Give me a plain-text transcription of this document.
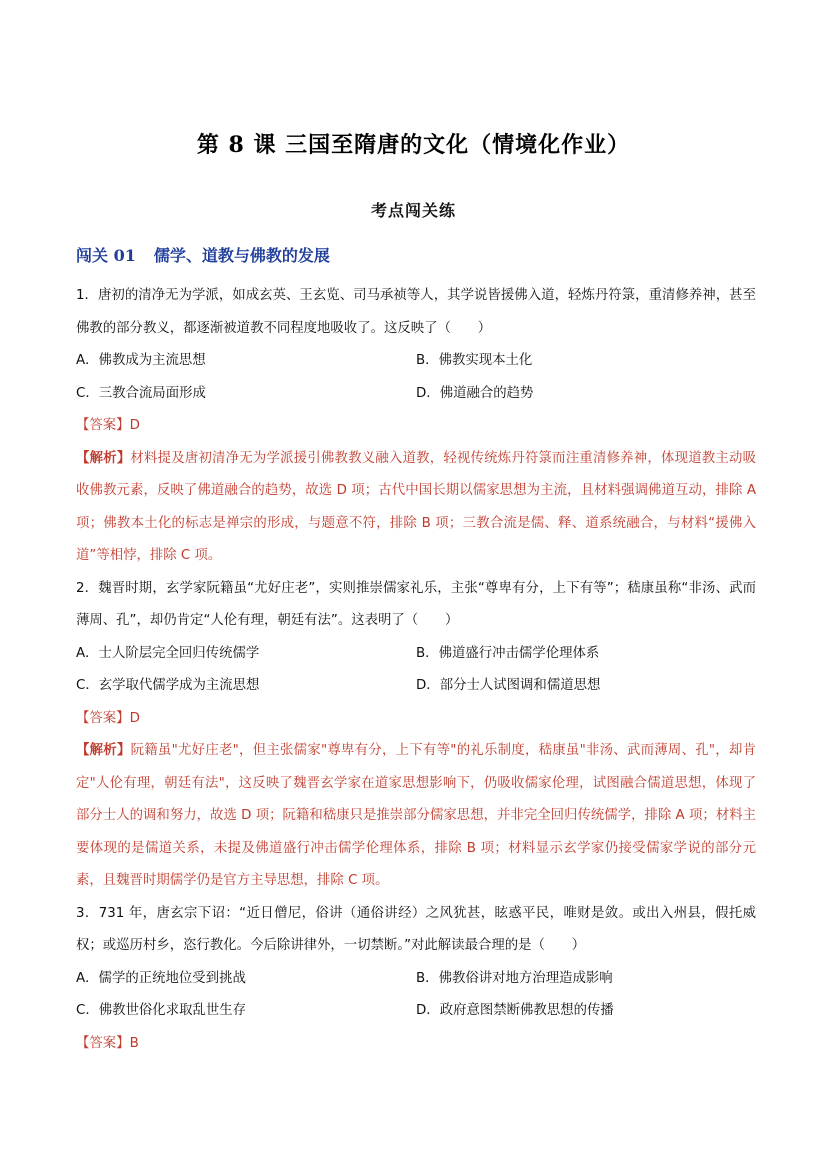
第 8 课 三国至隋唐的文化（情境化作业）
考点闯关练
闯关 01 儒学、道教与佛教的发展

1．唐初的清净无为学派，如成玄英、王玄览、司马承祯等人，其学说皆援佛入道，轻炼丹符箓，重清修养神，甚至佛教的部分教义，都逐渐被道教不同程度地吸收了。这反映了（　　）

A．佛教成为主流思想	B．佛教实现本土化
C．三教合流局面形成	D．佛道融合的趋势
【答案】D

【解析】材料提及唐初清净无为学派援引佛教教义融入道教，轻视传统炼丹符箓而注重清修养神，体现道教主动吸收佛教元素，反映了佛道融合的趋势，故选 D 项；古代中国长期以儒家思想为主流，且材料强调佛道互动，排除 A 项；佛教本土化的标志是禅宗的形成，与题意不符，排除 B 项；三教合流是儒、释、道系统融合，与材料“援佛入道”等相悖，排除 C 项。

2．魏晋时期，玄学家阮籍虽“尤好庄老”，实则推崇儒家礼乐，主张“尊卑有分，上下有等”；嵇康虽称“非汤、武而薄周、孔”，却仍肯定“人伦有理，朝廷有法”。这表明了（　　）

A．士人阶层完全回归传统儒学	B．佛道盛行冲击儒学伦理体系
C．玄学取代儒学成为主流思想	D．部分士人试图调和儒道思想
【答案】D

【解析】阮籍虽"尤好庄老"，但主张儒家"尊卑有分，上下有等"的礼乐制度，嵇康虽"非汤、武而薄周、孔"，却肯定"人伦有理，朝廷有法"，这反映了魏晋玄学家在道家思想影响下，仍吸收儒家伦理，试图融合儒道思想，体现了部分士人的调和努力，故选 D 项；阮籍和嵇康只是推崇部分儒家思想，并非完全回归传统儒学，排除 A 项；材料主要体现的是儒道关系，未提及佛道盛行冲击儒学伦理体系，排除 B 项；材料显示玄学家仍接受儒家学说的部分元素，且魏晋时期儒学仍是官方主导思想，排除 C 项。

3．731 年，唐玄宗下诏：“近日僧尼，俗讲（通俗讲经）之风犹甚，眩惑平民，唯财是敛。或出入州县，假托威权；或巡历村乡，恣行教化。今后除讲律外，一切禁断。”对此解读最合理的是（　　）

A．儒学的正统地位受到挑战	B．佛教俗讲对地方治理造成影响
C．佛教世俗化求取乱世生存	D．政府意图禁断佛教思想的传播
【答案】B
